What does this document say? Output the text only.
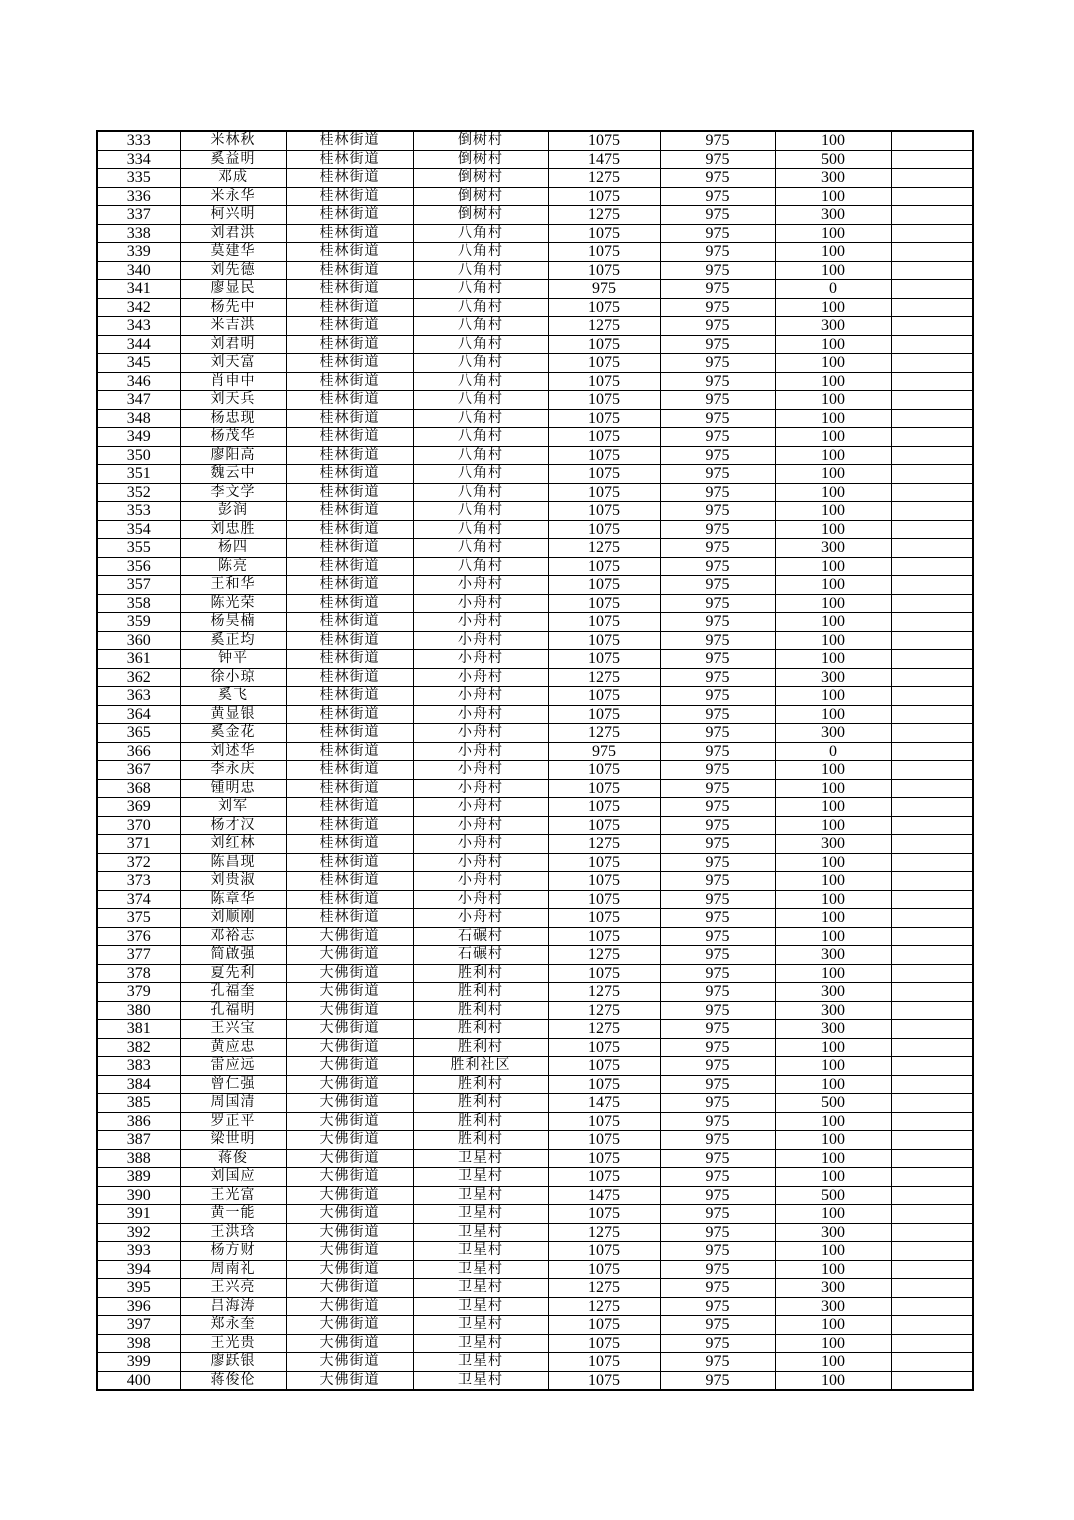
333	米林秋	桂林街道	倒树村	1075	975	100	
334	奚益明	桂林街道	倒树村	1475	975	500	
335	邓成	桂林街道	倒树村	1275	975	300	
336	米永华	桂林街道	倒树村	1075	975	100	
337	柯兴明	桂林街道	倒树村	1275	975	300	
338	刘君洪	桂林街道	八角村	1075	975	100	
339	莫建华	桂林街道	八角村	1075	975	100	
340	刘先德	桂林街道	八角村	1075	975	100	
341	廖显民	桂林街道	八角村	975	975	0	
342	杨先中	桂林街道	八角村	1075	975	100	
343	米吉洪	桂林街道	八角村	1275	975	300	
344	刘君明	桂林街道	八角村	1075	975	100	
345	刘天富	桂林街道	八角村	1075	975	100	
346	肖申中	桂林街道	八角村	1075	975	100	
347	刘天兵	桂林街道	八角村	1075	975	100	
348	杨忠现	桂林街道	八角村	1075	975	100	
349	杨茂华	桂林街道	八角村	1075	975	100	
350	廖阳高	桂林街道	八角村	1075	975	100	
351	魏云中	桂林街道	八角村	1075	975	100	
352	李文学	桂林街道	八角村	1075	975	100	
353	彭润	桂林街道	八角村	1075	975	100	
354	刘忠胜	桂林街道	八角村	1075	975	100	
355	杨四	桂林街道	八角村	1275	975	300	
356	陈亮	桂林街道	八角村	1075	975	100	
357	王和华	桂林街道	小舟村	1075	975	100	
358	陈光荣	桂林街道	小舟村	1075	975	100	
359	杨昊楠	桂林街道	小舟村	1075	975	100	
360	奚正均	桂林街道	小舟村	1075	975	100	
361	钟平	桂林街道	小舟村	1075	975	100	
362	徐小琼	桂林街道	小舟村	1275	975	300	
363	奚飞	桂林街道	小舟村	1075	975	100	
364	黄显银	桂林街道	小舟村	1075	975	100	
365	奚金花	桂林街道	小舟村	1275	975	300	
366	刘述华	桂林街道	小舟村	975	975	0	
367	李永庆	桂林街道	小舟村	1075	975	100	
368	锺明忠	桂林街道	小舟村	1075	975	100	
369	刘军	桂林街道	小舟村	1075	975	100	
370	杨才汉	桂林街道	小舟村	1075	975	100	
371	刘红林	桂林街道	小舟村	1275	975	300	
372	陈昌现	桂林街道	小舟村	1075	975	100	
373	刘贵淑	桂林街道	小舟村	1075	975	100	
374	陈章华	桂林街道	小舟村	1075	975	100	
375	刘顺刚	桂林街道	小舟村	1075	975	100	
376	邓裕志	大佛街道	石碾村	1075	975	100	
377	简啟强	大佛街道	石碾村	1275	975	300	
378	夏先利	大佛街道	胜利村	1075	975	100	
379	孔福奎	大佛街道	胜利村	1275	975	300	
380	孔福明	大佛街道	胜利村	1275	975	300	
381	王兴宝	大佛街道	胜利村	1275	975	300	
382	黄应忠	大佛街道	胜利村	1075	975	100	
383	雷应远	大佛街道	胜利社区	1075	975	100	
384	曾仁强	大佛街道	胜利村	1075	975	100	
385	周国清	大佛街道	胜利村	1475	975	500	
386	罗正平	大佛街道	胜利村	1075	975	100	
387	梁世明	大佛街道	胜利村	1075	975	100	
388	蒋俊	大佛街道	卫星村	1075	975	100	
389	刘国应	大佛街道	卫星村	1075	975	100	
390	王光富	大佛街道	卫星村	1475	975	500	
391	黄一能	大佛街道	卫星村	1075	975	100	
392	王洪琀	大佛街道	卫星村	1275	975	300	
393	杨方财	大佛街道	卫星村	1075	975	100	
394	周南礼	大佛街道	卫星村	1075	975	100	
395	王兴亮	大佛街道	卫星村	1275	975	300	
396	吕海涛	大佛街道	卫星村	1275	975	300	
397	郑永奎	大佛街道	卫星村	1075	975	100	
398	王光贵	大佛街道	卫星村	1075	975	100	
399	廖跃银	大佛街道	卫星村	1075	975	100	
400	蒋俊伦	大佛街道	卫星村	1075	975	100	
